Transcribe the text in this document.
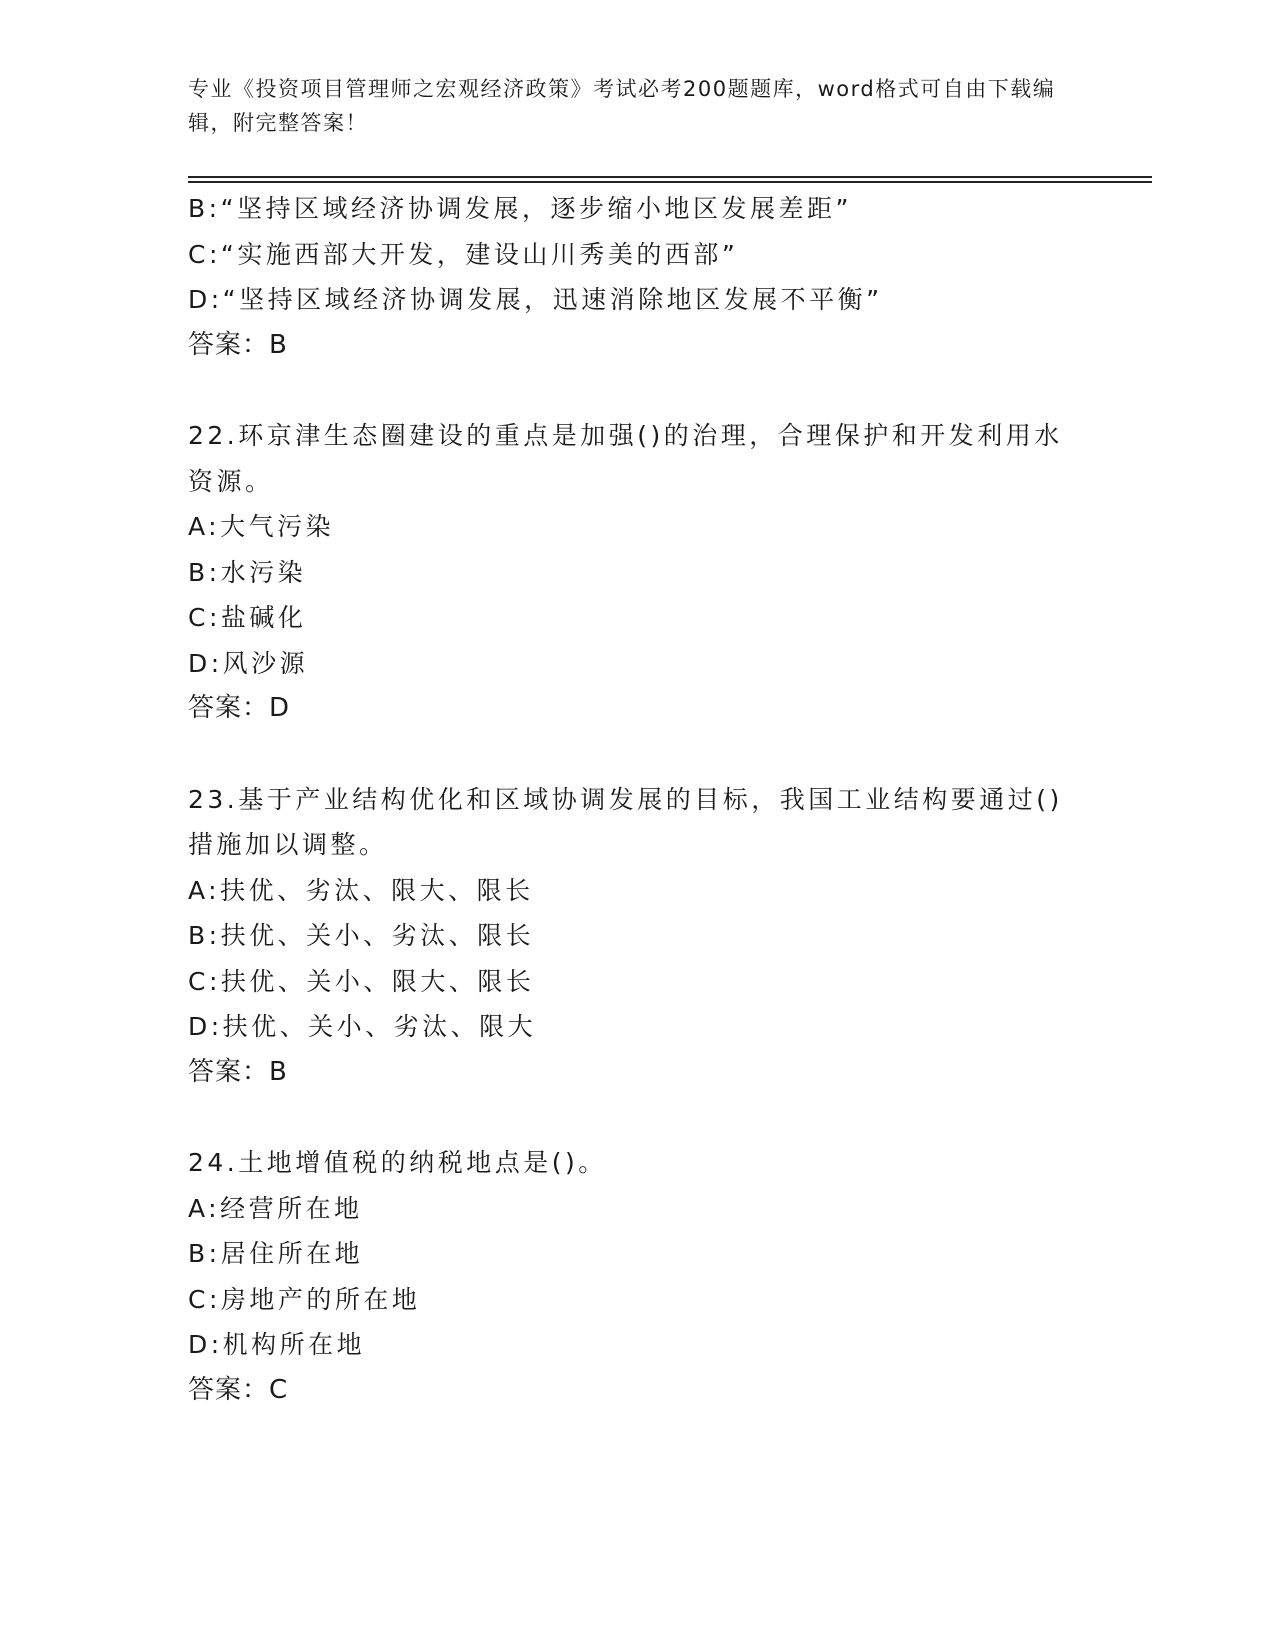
专业《投资项目管理师之宏观经济政策》考试必考200题题库，word格式可自由下载编辑，附完整答案！
B:“坚持区域经济协调发展，逐步缩小地区发展差距”
C:“实施西部大开发，建设山川秀美的西部”
D:“坚持区域经济协调发展，迅速消除地区发展不平衡”
答案：B
22.环京津生态圈建设的重点是加强()的治理，合理保护和开发利用水资源。
A:大气污染
B:水污染
C:盐碱化
D:风沙源
答案：D
23.基于产业结构优化和区域协调发展的目标，我国工业结构要通过()措施加以调整。
A:扶优、劣汰、限大、限长
B:扶优、关小、劣汰、限长
C:扶优、关小、限大、限长
D:扶优、关小、劣汰、限大
答案：B
24.土地增值税的纳税地点是()。
A:经营所在地
B:居住所在地
C:房地产的所在地
D:机构所在地
答案：C
